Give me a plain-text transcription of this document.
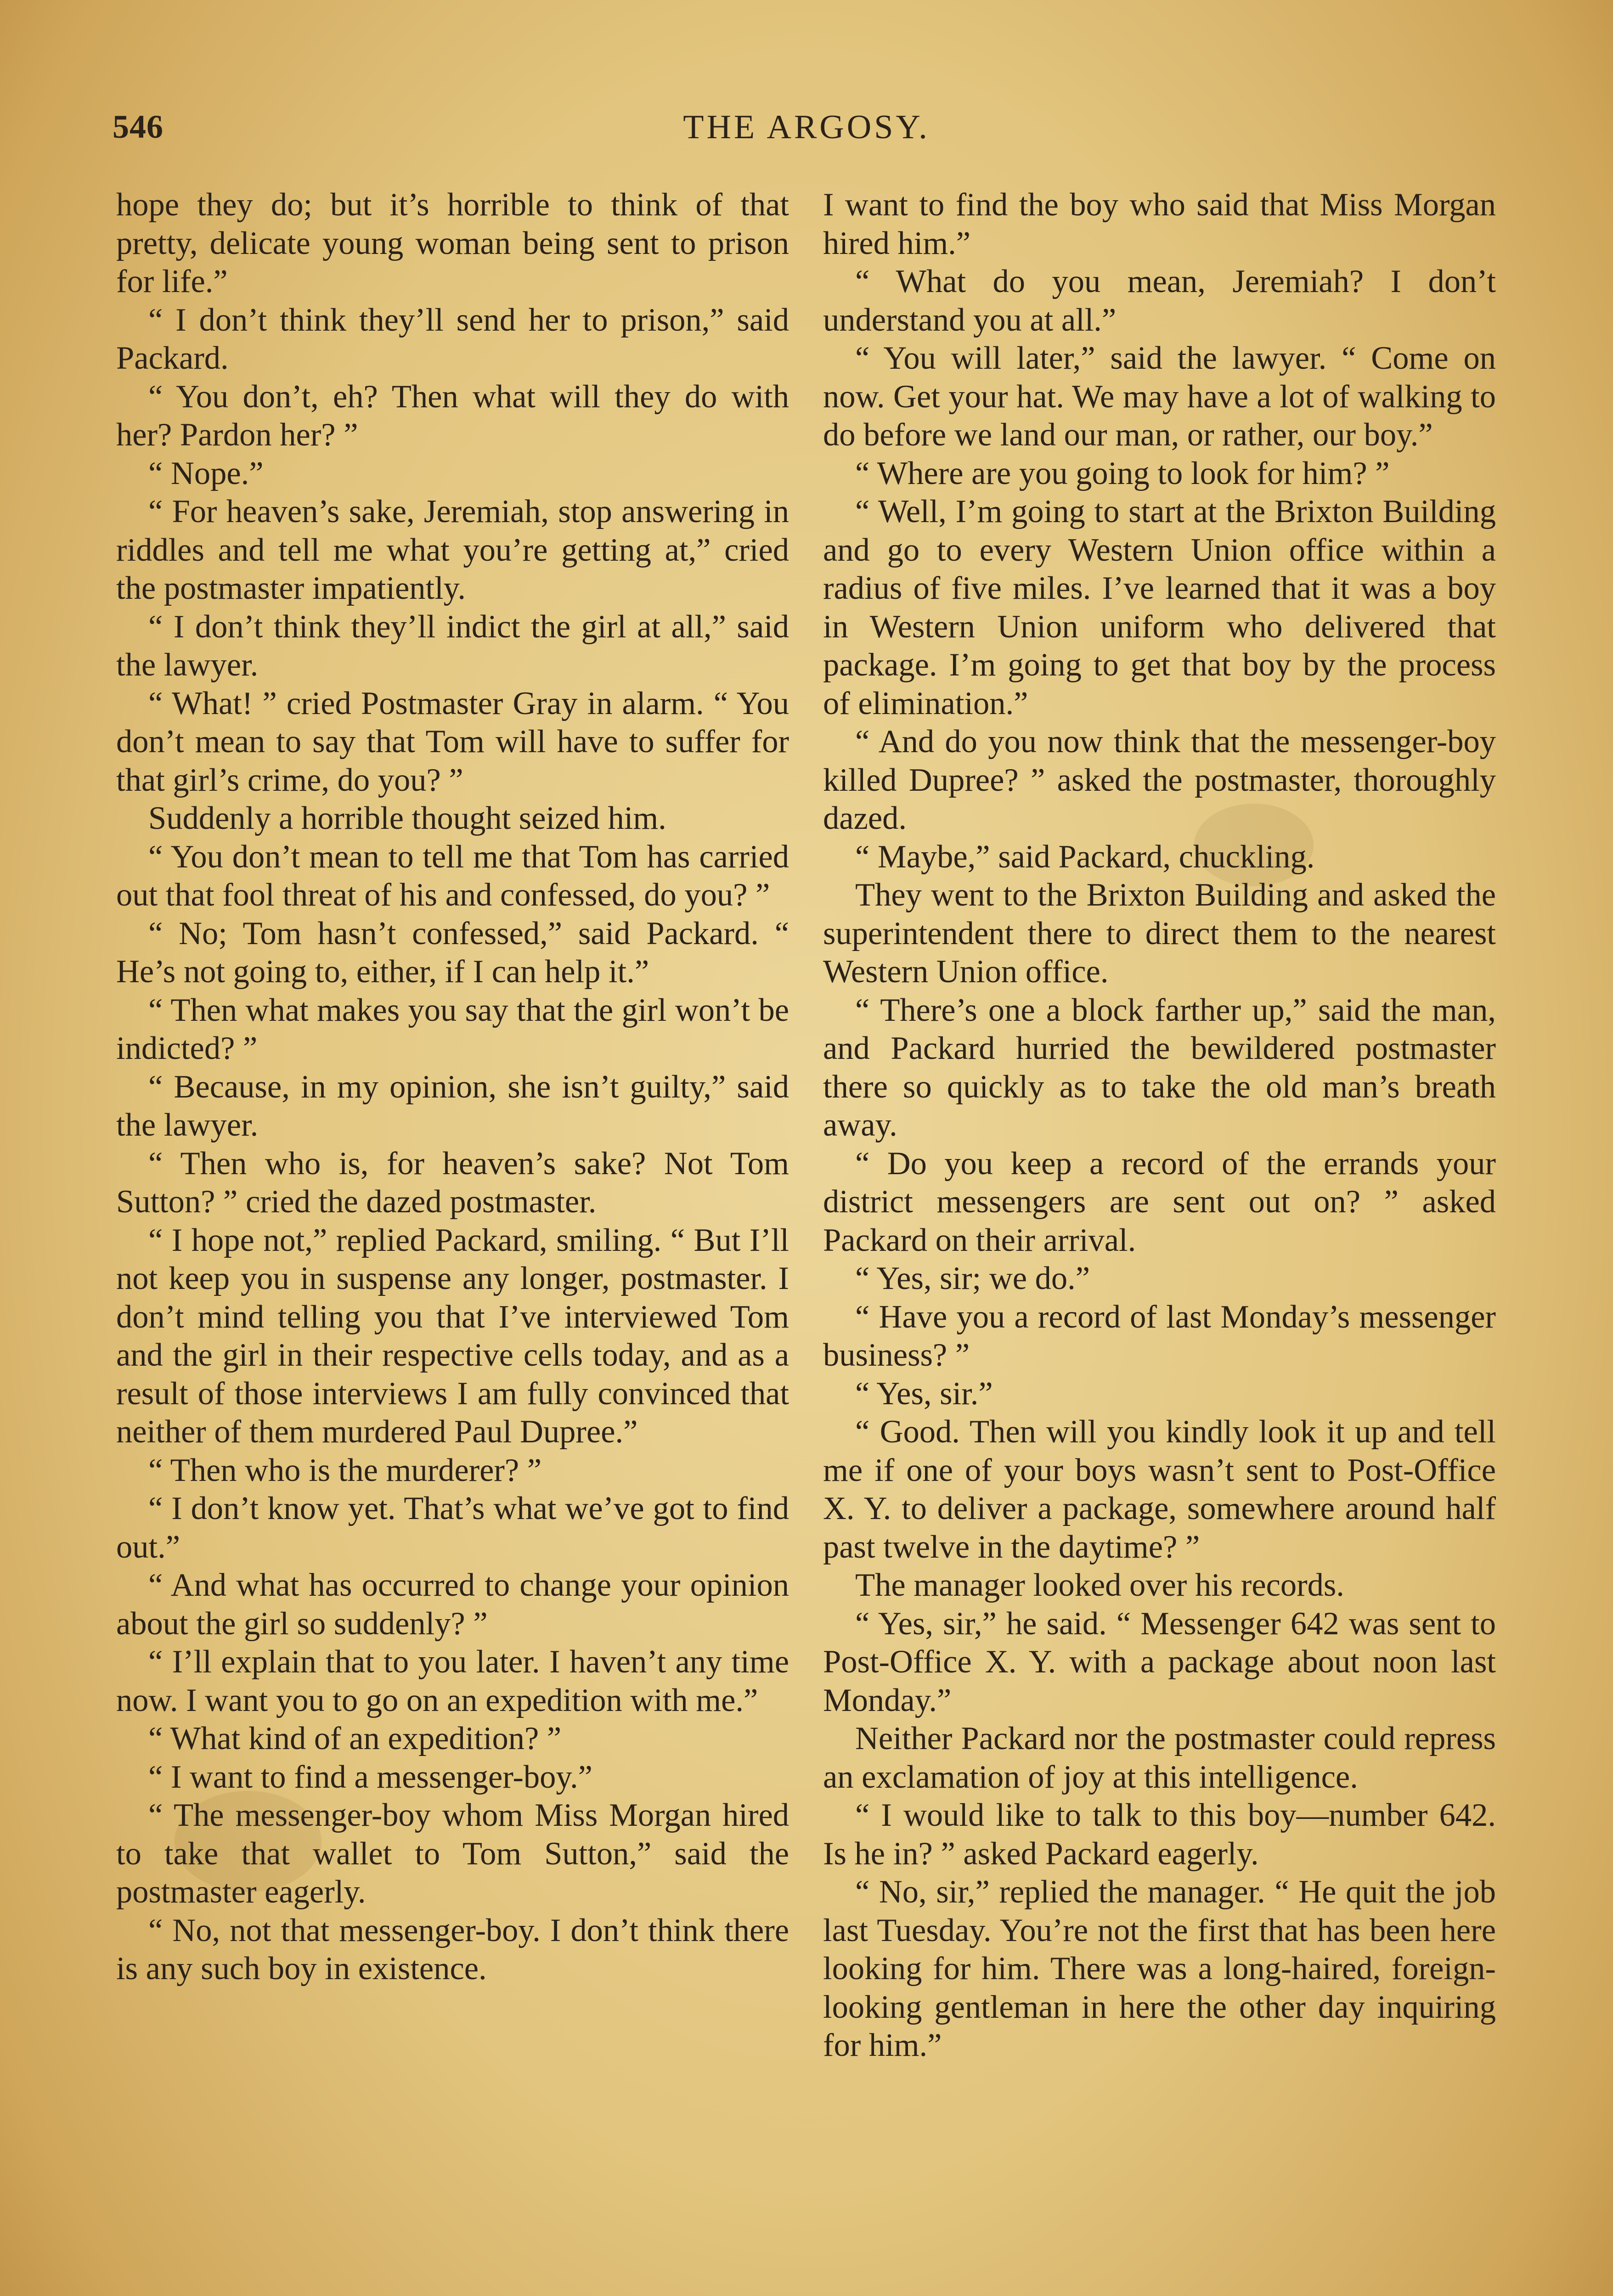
546	THE ARGOSY.

hope they do; but it’s horrible to think of that pretty, delicate young woman being sent to prison for life.”

“ I don’t think they’ll send her to prison,” said Packard.

“ You don’t, eh? Then what will they do with her? Pardon her? ”

“ Nope.”

“ For heaven’s sake, Jeremiah, stop answering in riddles and tell me what you’re getting at,” cried the postmaster impatiently.

“ I don’t think they’ll indict the girl at all,” said the lawyer.

“ What! ” cried Postmaster Gray in alarm. “ You don’t mean to say that Tom will have to suffer for that girl’s crime, do you? ”

Suddenly a horrible thought seized him.

“ You don’t mean to tell me that Tom has carried out that fool threat of his and confessed, do you? ”

“ No; Tom hasn’t confessed,” said Packard. “ He’s not going to, either, if I can help it.”

“ Then what makes you say that the girl won’t be indicted? ”

“ Because, in my opinion, she isn’t guilty,” said the lawyer.

“ Then who is, for heaven’s sake? Not Tom Sutton? ” cried the dazed postmaster.

“ I hope not,” replied Packard, smiling. “ But I’ll not keep you in suspense any longer, postmaster. I don’t mind telling you that I’ve interviewed Tom and the girl in their respective cells today, and as a result of those interviews I am fully convinced that neither of them murdered Paul Dupree.”

“ Then who is the murderer? ”

“ I don’t know yet. That’s what we’ve got to find out.”

“ And what has occurred to change your opinion about the girl so suddenly? ”

“ I’ll explain that to you later. I haven’t any time now. I want you to go on an expedition with me.”

“ What kind of an expedition? ”

“ I want to find a messenger-boy.”

“ The messenger-boy whom Miss Morgan hired to take that wallet to Tom Sutton,” said the postmaster eagerly.

“ No, not that messenger-boy. I don’t think there is any such boy in existence.

I want to find the boy who said that Miss Morgan hired him.”

“ What do you mean, Jeremiah? I don’t understand you at all.”

“ You will later,” said the lawyer. “ Come on now. Get your hat. We may have a lot of walking to do before we land our man, or rather, our boy.”

“ Where are you going to look for him? ”

“ Well, I’m going to start at the Brixton Building and go to every Western Union office within a radius of five miles. I’ve learned that it was a boy in Western Union uniform who delivered that package. I’m going to get that boy by the process of elimination.”

“ And do you now think that the messenger-boy killed Dupree? ” asked the postmaster, thoroughly dazed.

“ Maybe,” said Packard, chuckling.

They went to the Brixton Building and asked the superintendent there to direct them to the nearest Western Union office.

“ There’s one a block farther up,” said the man, and Packard hurried the bewildered postmaster there so quickly as to take the old man’s breath away.

“ Do you keep a record of the errands your district messengers are sent out on? ” asked Packard on their arrival.

“ Yes, sir; we do.”

“ Have you a record of last Monday’s messenger business? ”

“ Yes, sir.”

“ Good. Then will you kindly look it up and tell me if one of your boys wasn’t sent to Post-Office X. Y. to deliver a package, somewhere around half past twelve in the daytime? ”

The manager looked over his records.

“ Yes, sir,” he said. “ Messenger 642 was sent to Post-Office X. Y. with a package about noon last Monday.”

Neither Packard nor the postmaster could repress an exclamation of joy at this intelligence.

“ I would like to talk to this boy—number 642. Is he in? ” asked Packard eagerly.

“ No, sir,” replied the manager. “ He quit the job last Tuesday. You’re not the first that has been here looking for him. There was a long-haired, foreign-looking gentleman in here the other day inquiring for him.”
